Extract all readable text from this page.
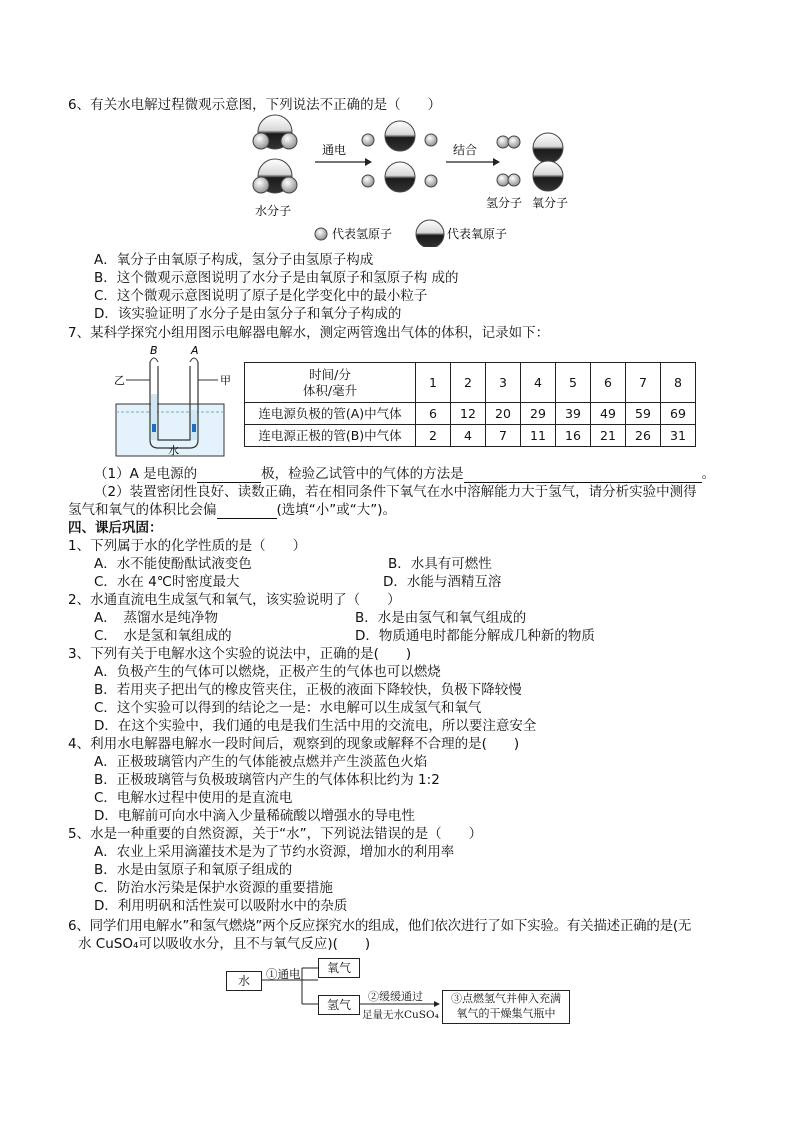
6、有关水电解过程微观示意图，下列说法不正确的是（　　）
水分子
通电	结合
氢分子 氧分子
代表氢原子	代表氧原子
A．氧分子由氧原子构成，氢分子由氢原子构成
B．这个微观示意图说明了水分子是由氧原子和氢原子构 成的
C．这个微观示意图说明了原子是化学变化中的最小粒子
D．该实验证明了水分子是由氢分子和氧分子构成的
7、某科学探究小组用图示电解器电解水，测定两管逸出气体的体积，记录如下：
B	A
乙	甲
水
时间/分
体积/毫升	1	2	3	4	5	6	7	8
连电源负极的管(A)中气体	6	12	20	29	39	49	59	69
连电源正极的管(B)中气体	2	4	7	11	16	21	26	31
（1）A 是电源的	极，检验乙试管中的气体的方法是	。
（2）装置密闭性良好、读数正确，若在相同条件下氧气在水中溶解能力大于氢气，请分析实验中测得
氢气和氧气的体积比会偏	(选填“小”或“大”)。
四、课后巩固：
1、下列属于水的化学性质的是（　　）
A．水不能使酚酞试液变色	B．水具有可燃性
C．水在 4℃时密度最大	D．水能与酒精互溶
2、水通直流电生成氢气和氧气，该实验说明了（　　）
A．　蒸馏水是纯净物	B．水是由氢气和氧气组成的
C．　水是氢和氧组成的	D．物质通电时都能分解成几种新的物质
3、下列有关于电解水这个实验的说法中，正确的是(　　)
A．负极产生的气体可以燃烧，正极产生的气体也可以燃烧
B．若用夹子把出气的橡皮管夹住，正极的液面下降较快，负极下降较慢
C．这个实验可以得到的结论之一是：水电解可以生成氢气和氧气
D．在这个实验中，我们通的电是我们生活中用的交流电，所以要注意安全
4、利用水电解器电解水一段时间后，观察到的现象或解释不合理的是(　　)
A．正极玻璃管内产生的气体能被点燃并产生淡蓝色火焰
B．正极玻璃管与负极玻璃管内产生的气体体积比约为 1:2
C．电解水过程中使用的是直流电
D．电解前可向水中滴入少量稀硫酸以增强水的导电性
5、水是一种重要的自然资源，关于“水”，下列说法错误的是（　　）
A．农业上采用滴灌技术是为了节约水资源，增加水的利用率
B．水是由氢原子和氧原子组成的
C．防治水污染是保护水资源的重要措施
D．利用明矾和活性炭可以吸附水中的杂质
6、同学们用电解水”和氢气燃烧”两个反应探究水的组成，他们依次进行了如下实验。有关描述正确的是(无
水 CuSO₄可以吸收水分，且不与氧气反应)(　　)
水	①通电	氧气
氢气
②缓缓通过
足量无水CuSO₄
③点燃氢气并伸入充满
氧气的干燥集气瓶中
